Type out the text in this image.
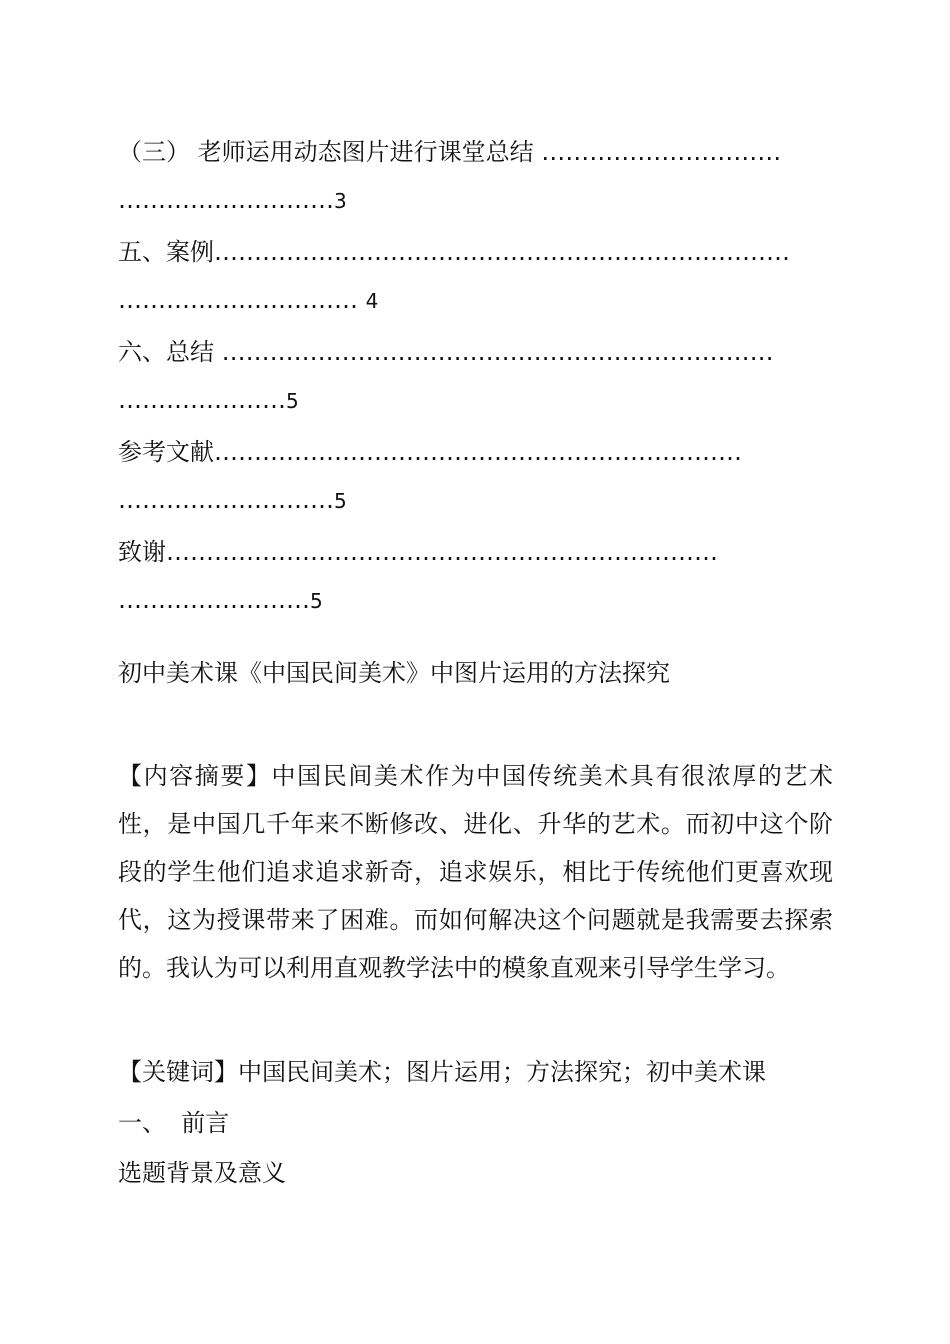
（三） 老师运用动态图片进行课堂总结 …………………………
………………………3
五、案例………………………………………………………………
………………………… 4
六、总结 ……………………………………………………………
…………………5
参考文献…………………………………………………………
………………………5
致谢……………………………………………………………
……………………5
初中美术课《中国民间美术》中图片运用的方法探究
【内容摘要】中国民间美术作为中国传统美术具有很浓厚的艺术性，是中国几千年来不断修改、进化、升华的艺术。而初中这个阶段的学生他们追求追求新奇，追求娱乐，相比于传统他们更喜欢现代，这为授课带来了困难。而如何解决这个问题就是我需要去探索的。我认为可以利用直观教学法中的模象直观来引导学生学习。
【关键词】中国民间美术；图片运用；方法探究；初中美术课
一、  前言
选题背景及意义
